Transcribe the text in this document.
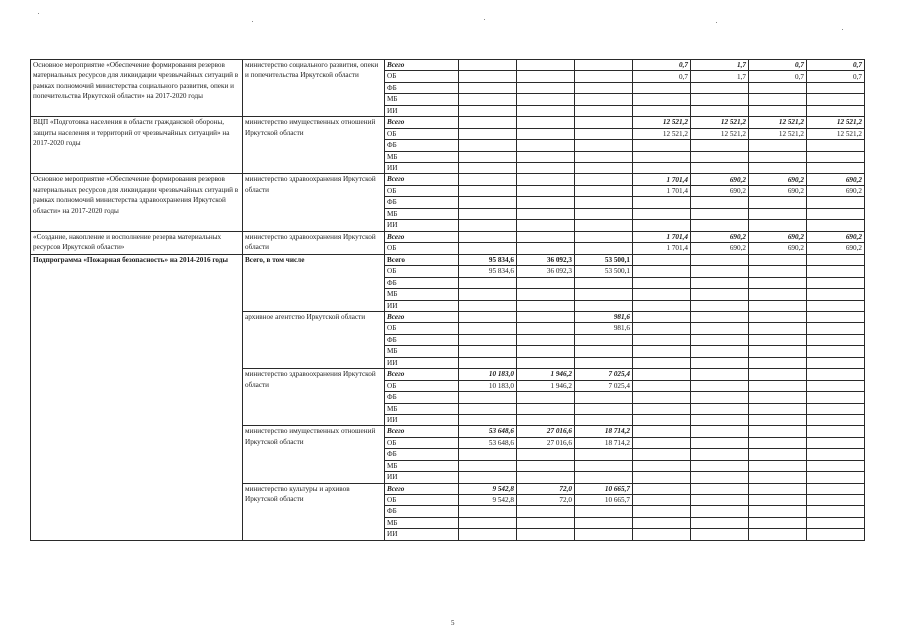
Основное мероприятие «Обеспечение формирования резервов материальных ресурсов для ликвидации чрезвычайных ситуаций в рамках полномочий министерства социального развития, опеки и попечительства Иркутской области» на 2017-2020 годы	министерство социального развития, опеки и попечительства Иркутской области	Всего				0,7	1,7	0,7	0,7
		ОБ				0,7	1,7	0,7	0,7
		ФБ							
		МБ							
		ИИ							
ВЦП «Подготовка населения в области гражданской обороны, защиты населения и территорий от чрезвычайных ситуаций» на 2017-2020 годы	министерство имущественных отношений Иркутской области	Всего				12 521,2	12 521,2	12 521,2	12 521,2
		ОБ				12 521,2	12 521,2	12 521,2	12 521,2
		ФБ							
		МБ							
		ИИ							
Основное мероприятие «Обеспечение формирования резервов материальных ресурсов для ликвидации чрезвычайных ситуаций в рамках полномочий министерства здравоохранения Иркутской области» на 2017-2020 годы	министерство здравоохранения Иркутской области	Всего				1 701,4	690,2	690,2	690,2
		ОБ				1 701,4	690,2	690,2	690,2
		ФБ							
		МБ							
		ИИ							
«Создание, накопление и восполнение резерва материальных ресурсов Иркутской области»	министерство здравоохранения Иркутской области	Всего				1 701,4	690,2	690,2	690,2
		ОБ				1 701,4	690,2	690,2	690,2
Подпрограмма «Пожарная безопасность» на 2014-2016 годы	Всего, в том числе	Всего	95 834,6	36 092,3	53 500,1				
		ОБ	95 834,6	36 092,3	53 500,1				
		ФБ							
		МБ							
		ИИ							
	архивное агентство Иркутской области	Всего			981,6				
		ОБ			981,6				
		ФБ							
		МБ							
		ИИ							
	министерство здравоохранения Иркутской области	Всего	10 183,0	1 946,2	7 025,4				
		ОБ	10 183,0	1 946,2	7 025,4				
		ФБ							
		МБ							
		ИИ							
	министерство имущественных отношений Иркутской области	Всего	53 648,6	27 016,6	18 714,2				
		ОБ	53 648,6	27 016,6	18 714,2				
		ФБ							
		МБ							
		ИИ							
	министерство культуры и архивов Иркутской области	Всего	9 542,8	72,0	10 665,7				
		ОБ	9 542,8	72,0	10 665,7				
		ФБ							
		МБ							
		ИИ							
5
